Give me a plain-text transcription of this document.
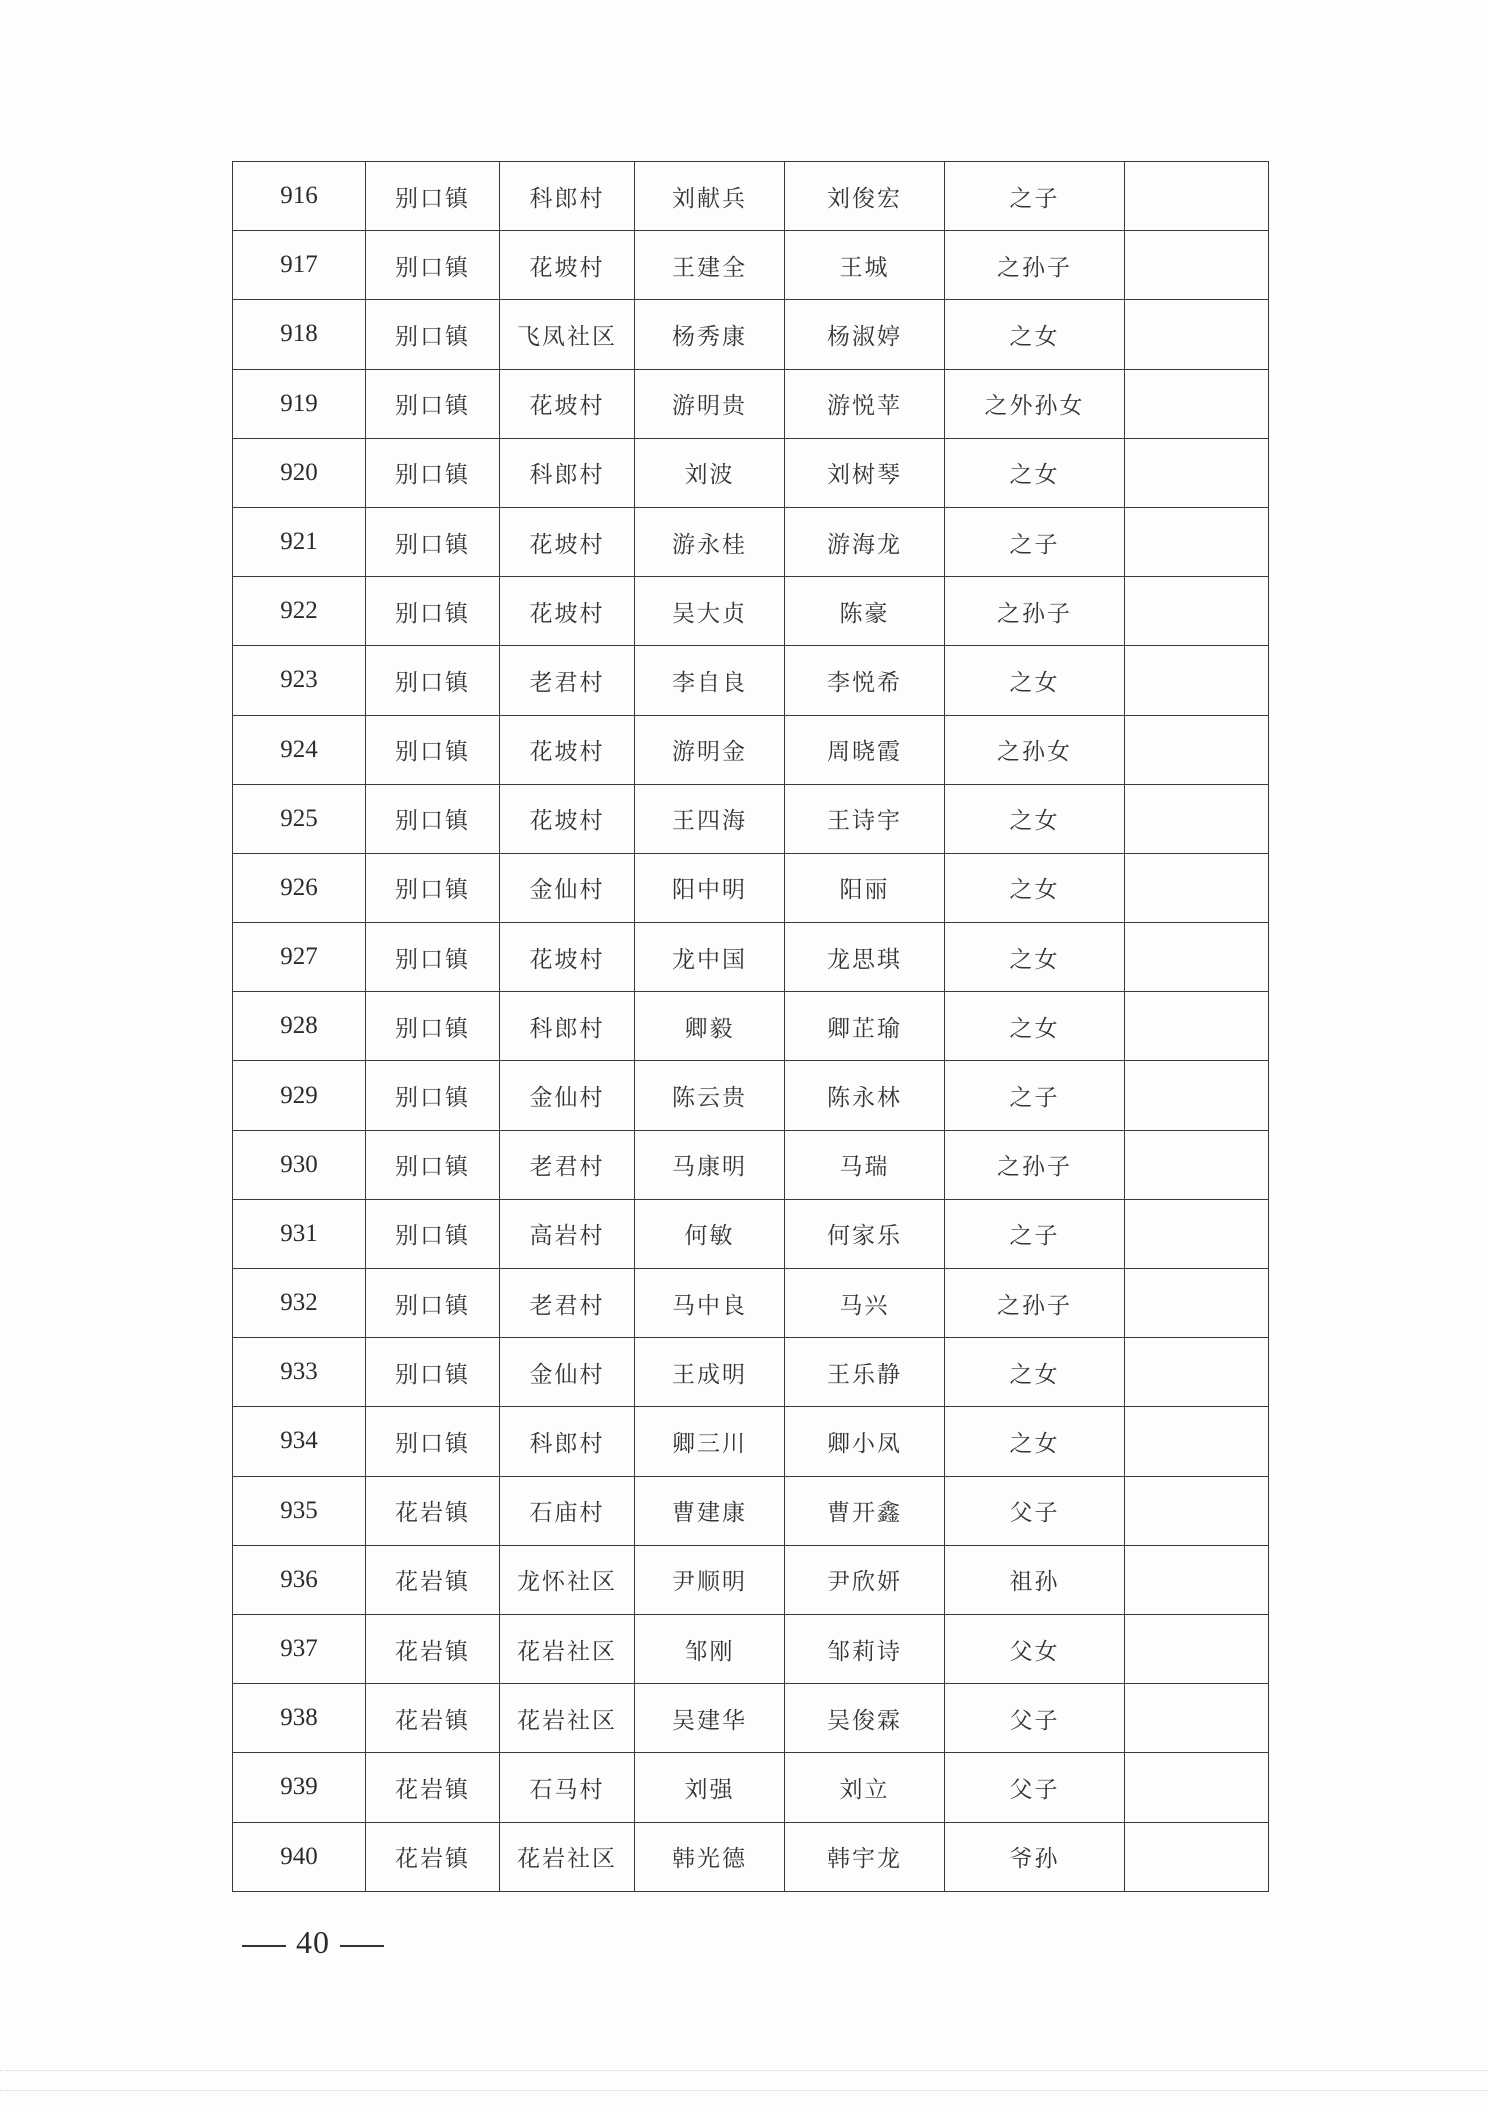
916	别口镇	科郎村	刘献兵	刘俊宏	之子	
917	别口镇	花坡村	王建全	王城	之孙子	
918	别口镇	飞凤社区	杨秀康	杨淑婷	之女	
919	别口镇	花坡村	游明贵	游悦苹	之外孙女	
920	别口镇	科郎村	刘波	刘树琴	之女	
921	别口镇	花坡村	游永桂	游海龙	之子	
922	别口镇	花坡村	吴大贞	陈豪	之孙子	
923	别口镇	老君村	李自良	李悦希	之女	
924	别口镇	花坡村	游明金	周晓霞	之孙女	
925	别口镇	花坡村	王四海	王诗宇	之女	
926	别口镇	金仙村	阳中明	阳丽	之女	
927	别口镇	花坡村	龙中国	龙思琪	之女	
928	别口镇	科郎村	卿毅	卿芷瑜	之女	
929	别口镇	金仙村	陈云贵	陈永林	之子	
930	别口镇	老君村	马康明	马瑞	之孙子	
931	别口镇	高岩村	何敏	何家乐	之子	
932	别口镇	老君村	马中良	马兴	之孙子	
933	别口镇	金仙村	王成明	王乐静	之女	
934	别口镇	科郎村	卿三川	卿小凤	之女	
935	花岩镇	石庙村	曹建康	曹开鑫	父子	
936	花岩镇	龙怀社区	尹顺明	尹欣妍	祖孙	
937	花岩镇	花岩社区	邹刚	邹莉诗	父女	
938	花岩镇	花岩社区	吴建华	吴俊霖	父子	
939	花岩镇	石马村	刘强	刘立	父子	
940	花岩镇	花岩社区	韩光德	韩宇龙	爷孙	
40
